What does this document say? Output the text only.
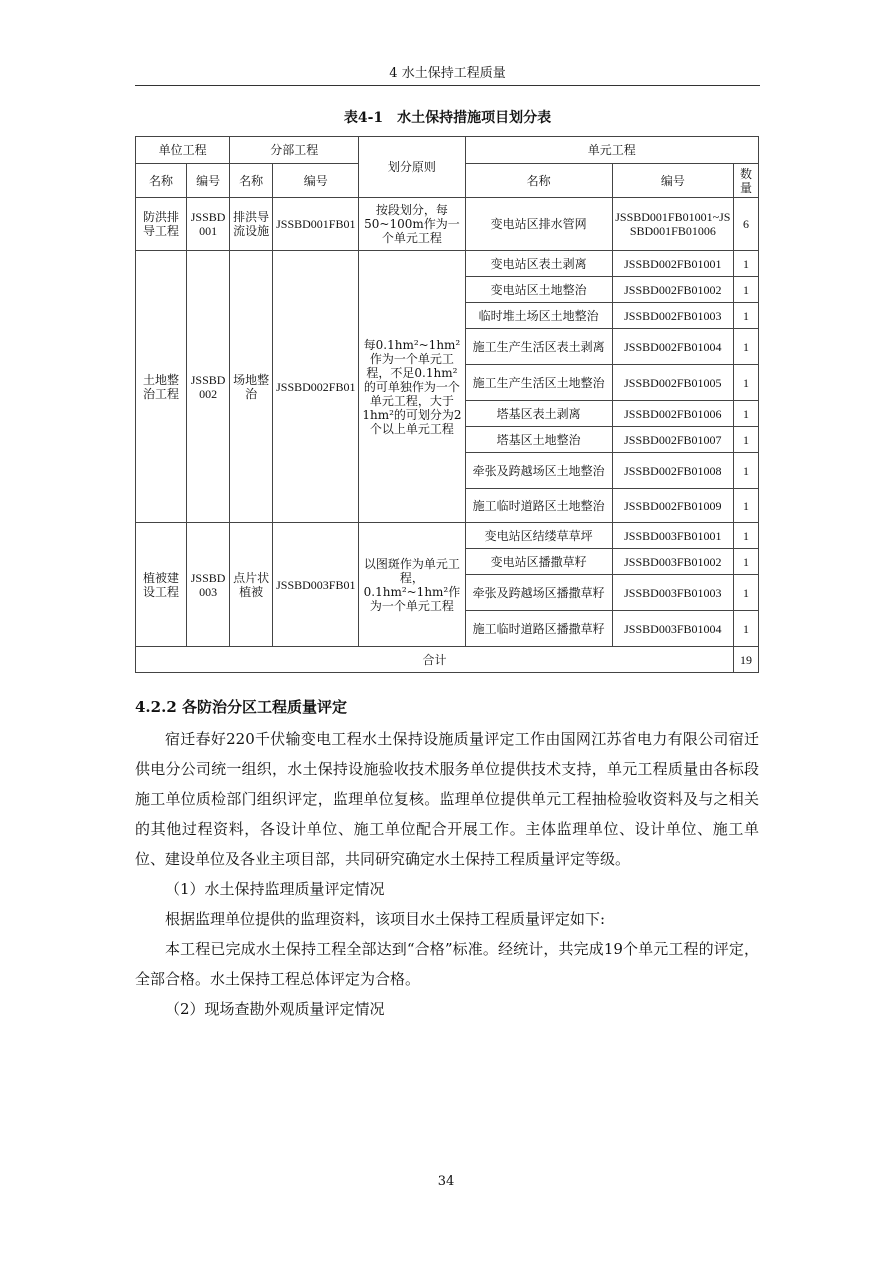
4 水土保持工程质量
表4-1　水土保持措施项目划分表
单位工程		分部工程		划分原则	单元工程		
名称	编号	名称	编号		名称	编号	数量
防洪排导工程	JSSBD001	排洪导流设施	JSSBD001FB01	按段划分，每50~100m作为一个单元工程	变电站区排水管网	JSSBD001FB01001~JSSBD001FB01006	6
土地整治工程	JSSBD002	场地整治	JSSBD002FB01	每0.1hm²~1hm²作为一个单元工程，不足0.1hm²的可单独作为一个单元工程，大于1hm²的可划分为2个以上单元工程	变电站区表土剥离	JSSBD002FB01001	1
					变电站区土地整治	JSSBD002FB01002	1
					临时堆土场区土地整治	JSSBD002FB01003	1
					施工生产生活区表土剥离	JSSBD002FB01004	1
					施工生产生活区土地整治	JSSBD002FB01005	1
					塔基区表土剥离	JSSBD002FB01006	1
					塔基区土地整治	JSSBD002FB01007	1
					牵张及跨越场区土地整治	JSSBD002FB01008	1
					施工临时道路区土地整治	JSSBD002FB01009	1
植被建设工程	JSSBD003	点片状植被	JSSBD003FB01	以图斑作为单元工程，0.1hm²~1hm²作为一个单元工程	变电站区结缕草草坪	JSSBD003FB01001	1
					变电站区播撒草籽	JSSBD003FB01002	1
					牵张及跨越场区播撒草籽	JSSBD003FB01003	1
					施工临时道路区播撒草籽	JSSBD003FB01004	1
合计							19
4.2.2 各防治分区工程质量评定

宿迁春好220千伏输变电工程水土保持设施质量评定工作由国网江苏省电力有限公司宿迁供电分公司统一组织，水土保持设施验收技术服务单位提供技术支持，单元工程质量由各标段施工单位质检部门组织评定，监理单位复核。监理单位提供单元工程抽检验收资料及与之相关的其他过程资料，各设计单位、施工单位配合开展工作。主体监理单位、设计单位、施工单位、建设单位及各业主项目部，共同研究确定水土保持工程质量评定等级。

（1）水土保持监理质量评定情况

根据监理单位提供的监理资料，该项目水土保持工程质量评定如下:

本工程已完成水土保持工程全部达到“合格”标准。经统计，共完成19个单元工程的评定，全部合格。水土保持工程总体评定为合格。

（2）现场查勘外观质量评定情况

34
